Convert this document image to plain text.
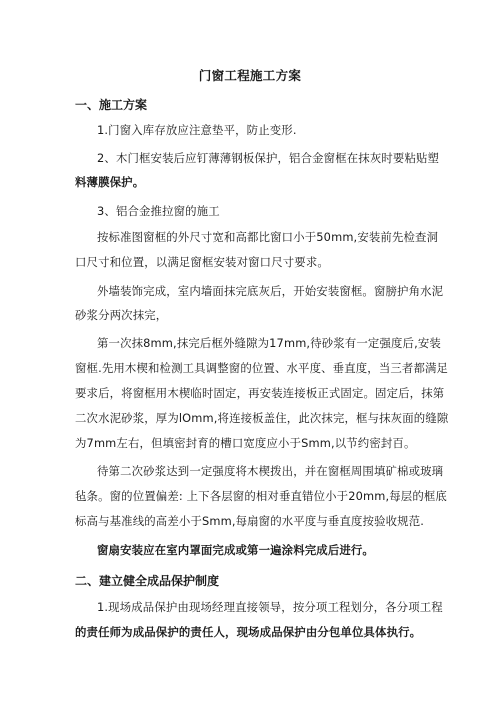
门窗工程施工方案
一、施工方案
1.门窗入库存放应注意垫平，防止变形.
2、木门框安装后应钉薄薄钢板保护，铝合金窗框在抹灰时要粘贴塑
料薄膜保护。
3、铝合金推拉窗的施工
按标准图窗框的外尺寸宽和高都比窗口小于50mm,安装前先检查洞
口尺寸和位置，以满足窗框安装对窗口尺寸要求。
外墙装饰完成，室内墙面抹完底灰后，开始安装窗框。窗膀护角水泥
砂浆分两次抹完，
第一次抹8mm,抹完后框外缝隙为17mm,待砂浆有一定强度后,安装
窗框.先用木楔和检测工具调整窗的位置、水平度、垂直度，当三者都满足
要求后，将窗框用木楔临时固定，再安装连接板正式固定。固定后，抹第
二次水泥砂浆，厚为lOmm,将连接板盖住，此次抹完，框与抹灰面的缝隙
为7mm左右，但填密封育的槽口宽度应小于Smm,以节约密封百。
待第二次砂浆达到一定强度将木楔拨出，并在窗框周围填矿棉或玻璃
毡条。窗的位置偏差: 上下各层窗的相对垂直错位小于20mm,每层的框底
标高与基准线的高差小于Smm,每扇窗的水平度与垂直度按验收规范.
窗扇安装应在室内罩面完成或第一遍涂料完成后进行。
二、建立健全成品保护制度
1.现场成品保护由现场经理直接领导，按分项工程划分，各分项工程
的责任师为成品保护的责任人，现场成品保护由分包单位具体执行。
